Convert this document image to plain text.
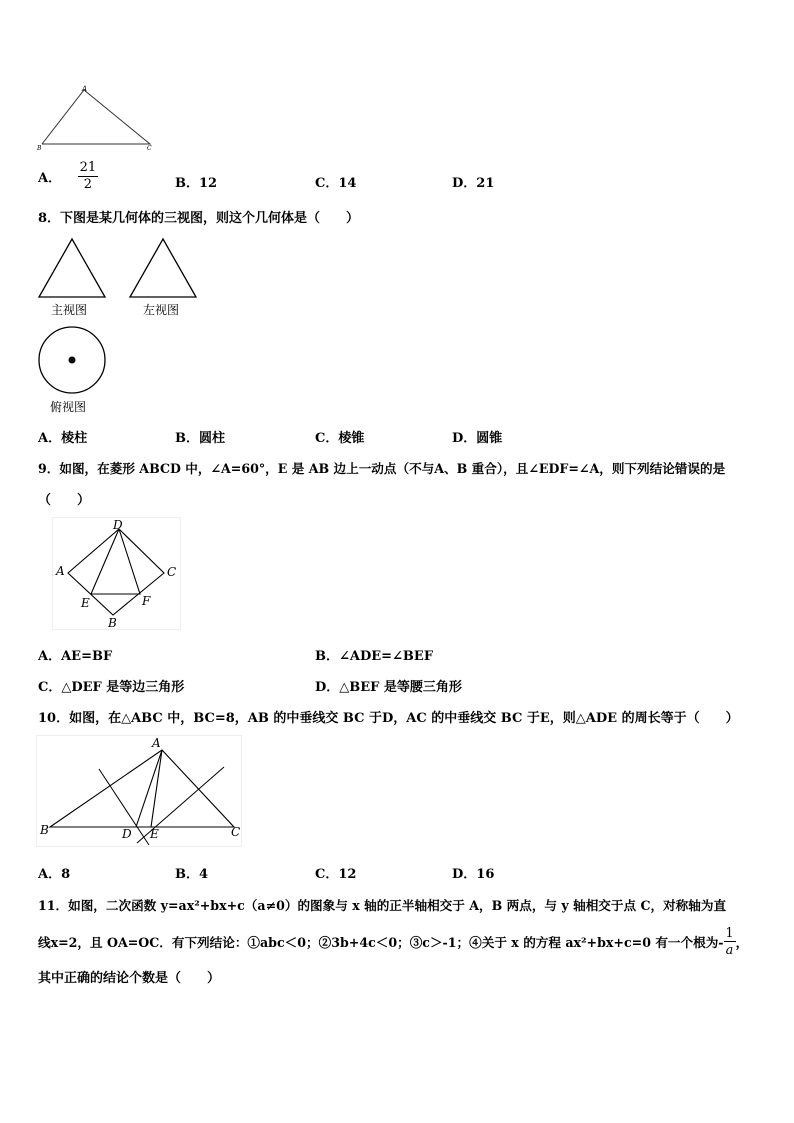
A
B	C
A． $\frac{21}{2}$	B．12	C．14	D．21
8．下图是某几何体的三视图，则这个几何体是（　　）
主视图	左视图
俯视图
A．棱柱	B．圆柱	C．棱锥	D．圆锥
9．如图，在菱形 ABCD 中，∠A=60°，E 是 AB 边上一动点（不与A、B 重合），且∠EDF=∠A，则下列结论错误的是
（　　）
D
A	C
E	F
B
A．AE=BF	B．∠ADE=∠BEF
C．△DEF 是等边三角形	D．△BEF 是等腰三角形
10．如图，在△ABC 中，BC=8，AB 的中垂线交 BC 于D，AC 的中垂线交 BC 于E，则△ADE 的周长等于（　　）
A
B	D E	C
A．8	B．4	C．12	D．16
11．如图，二次函数 y=ax²+bx+c（a≠0）的图象与 x 轴的正半轴相交于 A，B 两点，与 y 轴相交于点 C，对称轴为直
线x=2，且 OA=OC．有下列结论：①abc＜0；②3b+4c＜0；③c＞-1；④关于 x 的方程 ax²+bx+c=0 有一个根为- $\frac{1}{a}$ ，
其中正确的结论个数是（　　）
